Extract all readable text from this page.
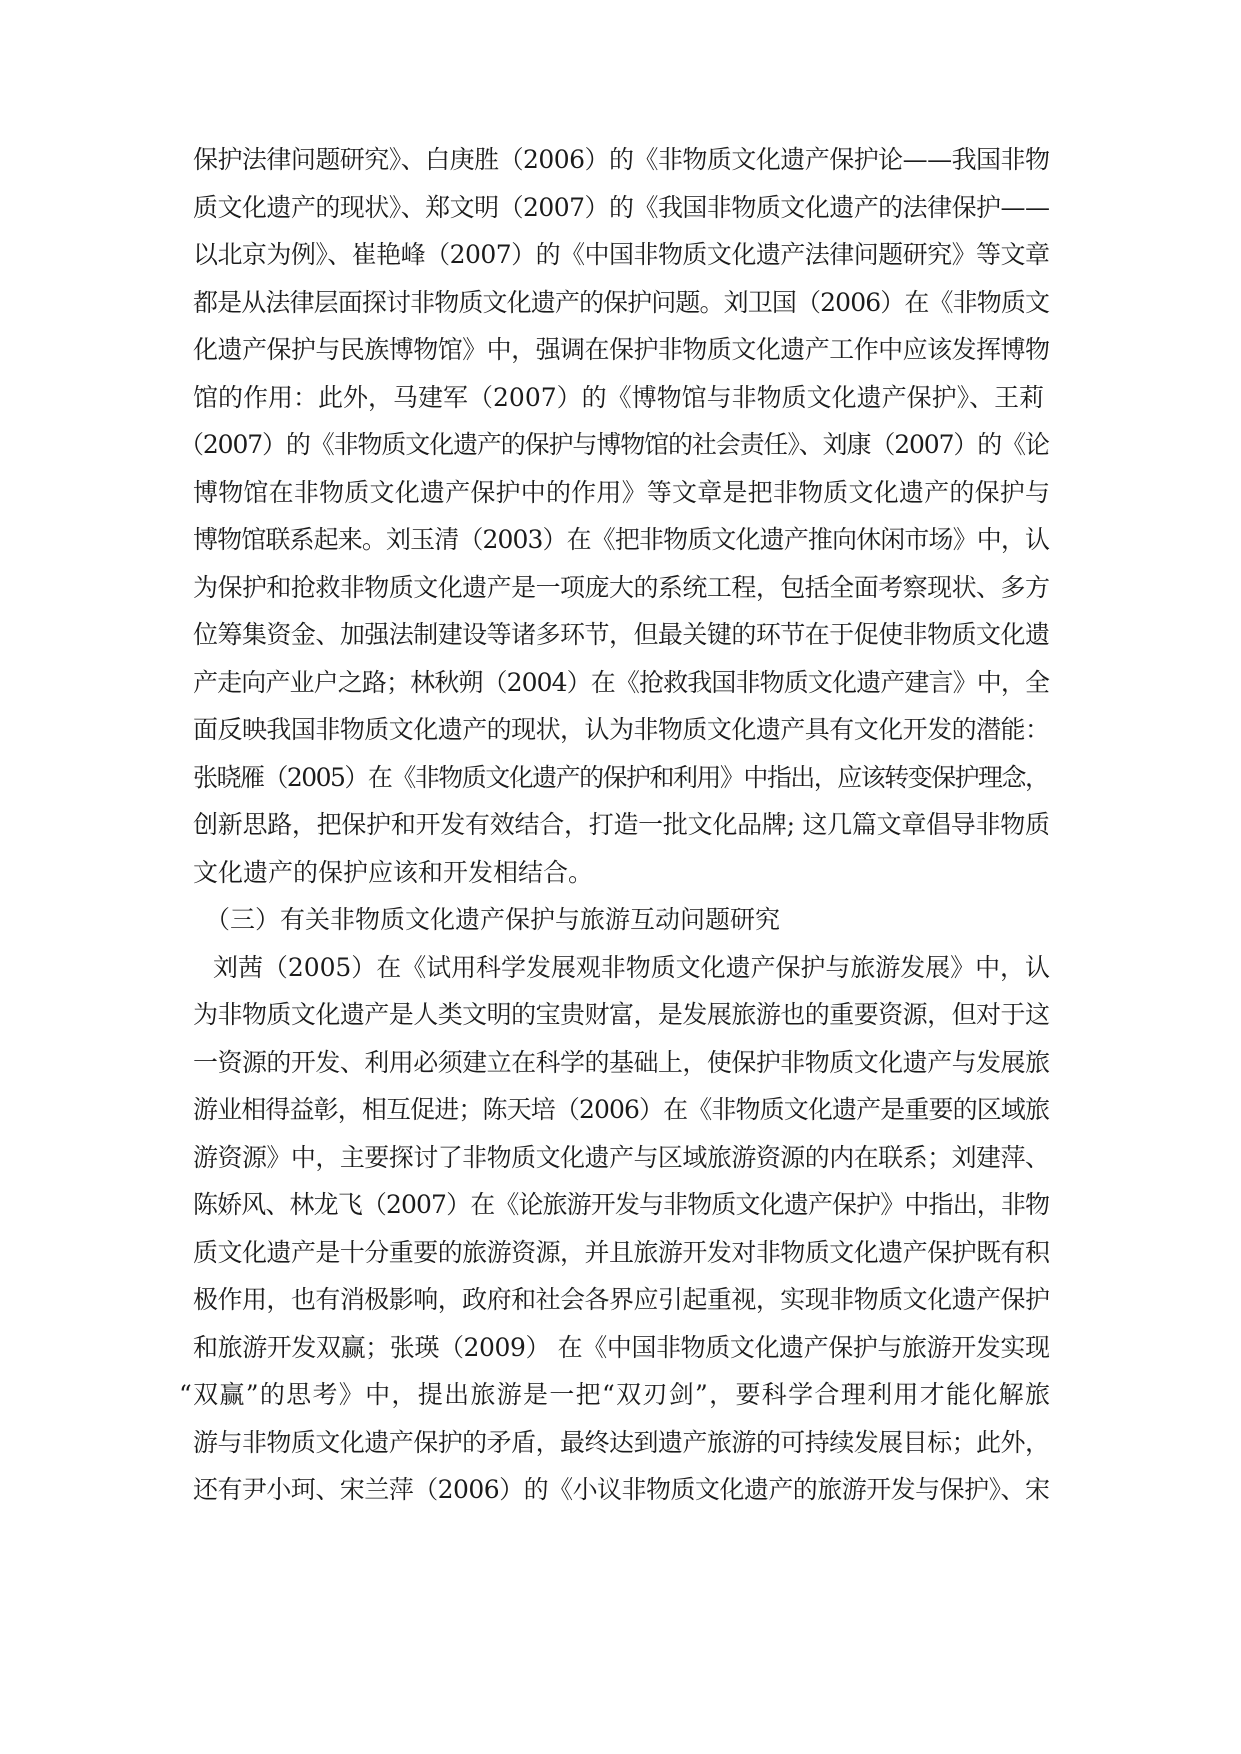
保护法律问题研究》、白庚胜（2006）的《非物质文化遗产保护论——我国非物
质文化遗产的现状》、郑文明（2007）的《我国非物质文化遗产的法律保护——
以北京为例》、崔艳峰（2007）的《中国非物质文化遗产法律问题研究》等文章
都是从法律层面探讨非物质文化遗产的保护问题。刘卫国（2006）在《非物质文
化遗产保护与民族博物馆》中，强调在保护非物质文化遗产工作中应该发挥博物
馆的作用：此外，马建军（2007）的《博物馆与非物质文化遗产保护》、王莉
（2007）的《非物质文化遗产的保护与博物馆的社会责任》、刘康（2007）的《论
博物馆在非物质文化遗产保护中的作用》等文章是把非物质文化遗产的保护与
博物馆联系起来。刘玉清（2003）在《把非物质文化遗产推向休闲市场》中，认
为保护和抢救非物质文化遗产是一项庞大的系统工程，包括全面考察现状、多方
位筹集资金、加强法制建设等诸多环节，但最关键的环节在于促使非物质文化遗
产走向产业户之路；林秋朔（2004）在《抢救我国非物质文化遗产建言》中，全
面反映我国非物质文化遗产的现状，认为非物质文化遗产具有文化开发的潜能：
张晓雁（2005）在《非物质文化遗产的保护和利用》中指出，应该转变保护理念，
创新思路，把保护和开发有效结合，打造一批文化品牌; 这几篇文章倡导非物质
文化遗产的保护应该和开发相结合。
（三）有关非物质文化遗产保护与旅游互动问题研究
刘茜（2005）在《试用科学发展观非物质文化遗产保护与旅游发展》中，认
为非物质文化遗产是人类文明的宝贵财富，是发展旅游也的重要资源，但对于这
一资源的开发、利用必须建立在科学的基础上，使保护非物质文化遗产与发展旅
游业相得益彰，相互促进；陈天培（2006）在《非物质文化遗产是重要的区域旅
游资源》中，主要探讨了非物质文化遗产与区域旅游资源的内在联系；刘建萍、
陈娇风、林龙飞（2007）在《论旅游开发与非物质文化遗产保护》中指出，非物
质文化遗产是十分重要的旅游资源，并且旅游开发对非物质文化遗产保护既有积
极作用，也有消极影响，政府和社会各界应引起重视，实现非物质文化遗产保护
和旅游开发双赢；张瑛（2009） 在《中国非物质文化遗产保护与旅游开发实现
“双赢”的思考》中，提出旅游是一把“双刃剑”，要科学合理利用才能化解旅
游与非物质文化遗产保护的矛盾，最终达到遗产旅游的可持续发展目标；此外，
还有尹小珂、宋兰萍（2006）的《小议非物质文化遗产的旅游开发与保护》、宋
